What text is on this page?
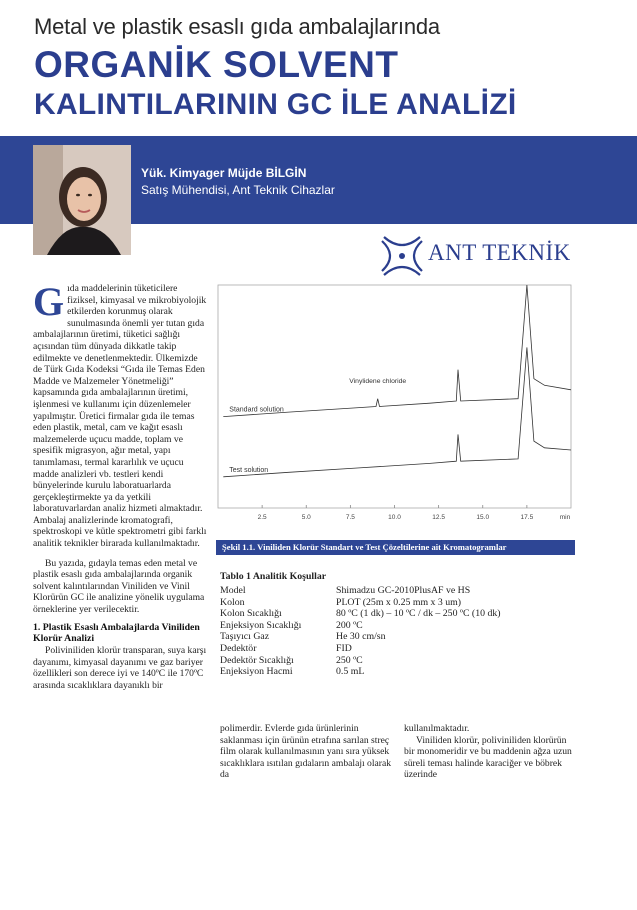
Metal ve plastik esaslı gıda ambalajlarında
ORGANİK SOLVENT
KALINTILARININ GC İLE ANALİZİ
Yük. Kimyager Müjde BİLGİN
Satış Mühendisi, Ant Teknik Cihazlar
ANT TEKNİK
G ıda maddelerinin tüketicilere fiziksel, kimyasal ve mikrobiyolojik etkilerden korunmuş olarak sunulmasında önemli yer tutan gıda ambalajlarının üretimi, tüketici sağlığı açısından tüm dünyada dikkatle takip edilmekte ve denetlenmektedir. Ülkemizde de Türk Gıda Kodeksi “Gıda ile Temas Eden Madde ve Malzemeler Yönetmeliği” kapsamında gıda ambalajlarının üretimi, işlenmesi ve kullanımı için düzenlemeler yapılmıştır. Üretici firmalar gıda ile temas eden plastik, metal, cam ve kağıt esaslı malzemelerde uçucu madde, toplam ve spesifik migrasyon, ağır metal, yapı tanımlaması, termal kararlılık ve uçucu madde analizleri vb. testleri kendi bünyelerinde kurulu laboratuarlarda gerçekleştirmekte ya da yetkili laboratuvarlardan analiz hizmeti almaktadır. Ambalaj analizlerinde kromatografi, spektroskopi ve kütle spektrometri gibi farklı analitik teknikler birarada kullanılmaktadır.
Bu yazıda, gıdayla temas eden metal ve plastik esaslı gıda ambalajlarında organik solvent kalıntılarından Viniliden ve Vinil Klorürün GC ile analizine yönelik uygulama örneklerine yer verilecektir.
1. Plastik Esaslı Ambalajlarda Viniliden Klorür Analizi
Poliviniliden klorür transparan, suya karşı dayanımı, kimyasal dayanımı ve gaz bariyer özellikleri son derece iyi ve 140ºC ile 170ºC arasında sıcaklıklara dayanıklı bir
2.5	5.0	7.5	10.0	12.5	15.0	17.5	min
Standard solution
Test solution
Vinylidene chloride
Şekil 1.1. Viniliden Klorür Standart ve Test Çözeltilerine ait Kromatogramlar
Tablo 1 Analitik Koşullar
Model	Shimadzu GC-2010PlusAF ve HS
Kolon	PLOT (25m x 0.25 mm x 3 um)
Kolon Sıcaklığı	80 ºC (1 dk) – 10 ºC / dk – 250 ºC (10 dk)
Enjeksiyon Sıcaklığı	200 ºC
Taşıyıcı Gaz	He 30 cm/sn
Dedektör	FID
Dedektör Sıcaklığı	250 ºC
Enjeksiyon Hacmi	0.5 mL
polimerdir. Evlerde gıda ürünlerinin saklanması için ürünün etrafına sarılan streç film olarak kullanılmasının yanı sıra yüksek sıcaklıklara ısıtılan gıdaların ambalajı olarak da
kullanılmaktadır.
Viniliden klorür, poliviniliden klorürün bir monomeridir ve bu maddenin ağza uzun süreli teması halinde karaciğer ve böbrek üzerinde
